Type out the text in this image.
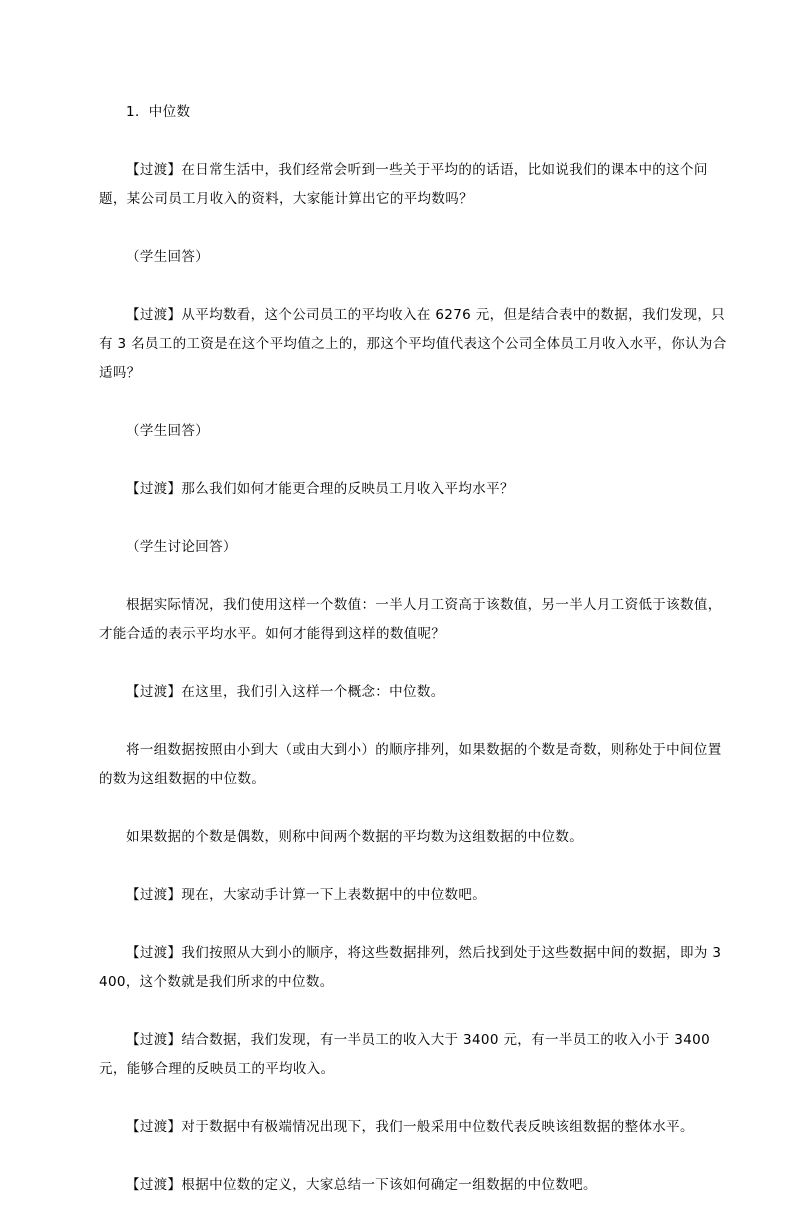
1．中位数

【过渡】在日常生活中，我们经常会听到一些关于平均的的话语，比如说我们的课本中的这个问题，某公司员工月收入的资料，大家能计算出它的平均数吗？

（学生回答）

【过渡】从平均数看，这个公司员工的平均收入在 6276 元，但是结合表中的数据，我们发现，只有 3 名员工的工资是在这个平均值之上的，那这个平均值代表这个公司全体员工月收入水平，你认为合适吗？

（学生回答）

【过渡】那么我们如何才能更合理的反映员工月收入平均水平？

（学生讨论回答）

根据实际情况，我们使用这样一个数值：一半人月工资高于该数值，另一半人月工资低于该数值，才能合适的表示平均水平。如何才能得到这样的数值呢？

【过渡】在这里，我们引入这样一个概念：中位数。

将一组数据按照由小到大（或由大到小）的顺序排列，如果数据的个数是奇数，则称处于中间位置的数为这组数据的中位数。

如果数据的个数是偶数，则称中间两个数据的平均数为这组数据的中位数。

【过渡】现在，大家动手计算一下上表数据中的中位数吧。

【过渡】我们按照从大到小的顺序，将这些数据排列，然后找到处于这些数据中间的数据，即为 3400，这个数就是我们所求的中位数。

【过渡】结合数据，我们发现，有一半员工的收入大于 3400 元，有一半员工的收入小于 3400 元，能够合理的反映员工的平均收入。

【过渡】对于数据中有极端情况出现下，我们一般采用中位数代表反映该组数据的整体水平。

【过渡】根据中位数的定义，大家总结一下该如何确定一组数据的中位数吧。
